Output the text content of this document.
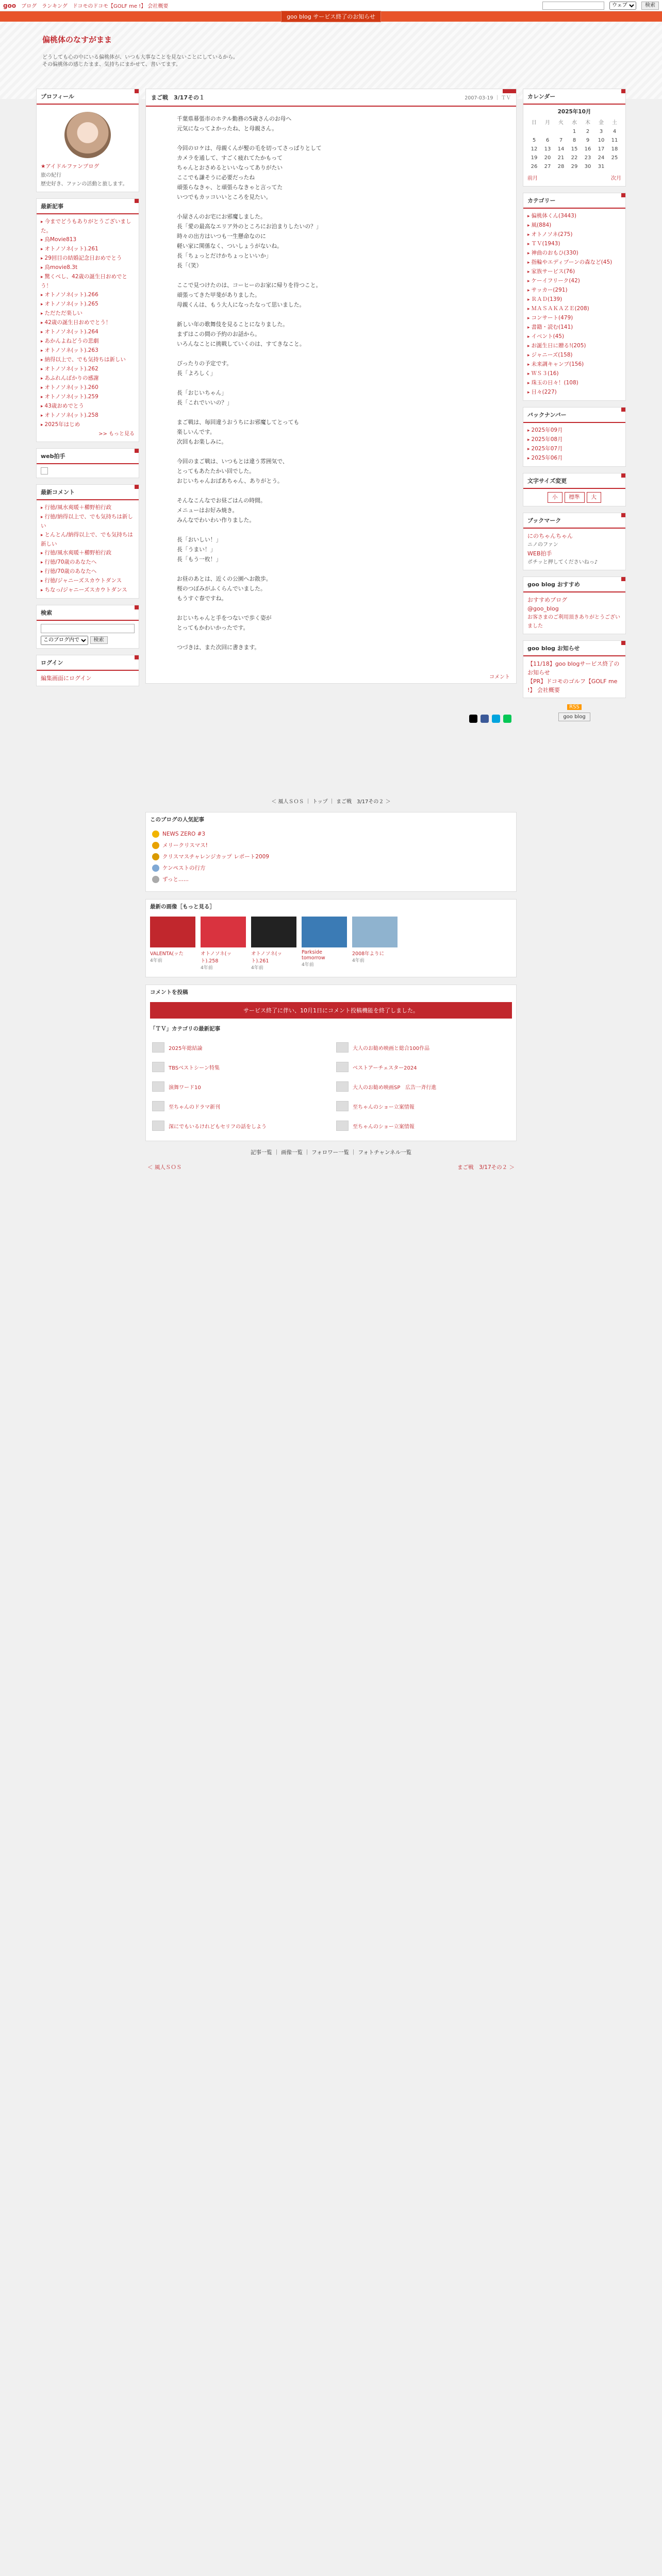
goo ブログ ランキング ドコモのドコモ【GOLF me !】 会社概要
ウェブ	検索
goo blog サービス終了のお知らせ
偏桃体のなすがまま

どうしても心の中にいる偏桃体が、いつも大事なことを見ないことにしているから。

その偏桃体の感じたまま、気持ちにまかせて、書いてます。

プロフィール
★アイドルファンブログ
旅の紀行
歴史好き、ファンの活動と旅します。
最新記事
▸ 今までどうもありがとうございました。
▸ 鳥Movie813
▸ オトノソネ(ット).261
▸ 29回目の結婚記念日おめでとう
▸ 鳥movie8.3t
▸ 驚くべし、42歳の誕生日おめでとう！
▸ オトノソネ(ット).266
▸ オトノソネ(ット).265
▸ ただただ楽しい
▸ 42歳の誕生日おめでとう！
▸ オトノソネ(ット).264
▸ あかんよねどうの悲劇
▸ オトノソネ(ット).263
▸ 納得以上で、でも気持ちは新しい
▸ オトノソネ(ット).262
▸ あふれんばかりの感謝
▸ オトノソネ(ット).260
▸ オトノソネ(ット).259
▸ 43歳おめでとう
▸ オトノソネ(ット).258
▸ 2025年はじめ
>> もっと見る
web拍手
最新コメント
▸ 行徳/風水爽暖＋櫛野柏行政
▸ 行徳/納得以上で、でも気持ちは新しい
▸ とんとん/納得以上で、でも気持ちは新しい
▸ 行徳/風水爽暖＋櫛野柏行政
▸ 行徳/70歳のあなたへ
▸ 行徳/70歳のあなたへ
▸ 行徳/ジャニーズスカウトダンス
▸ ちなっ/ジャニーズスカウトダンス
検索

このブログ内で 検索
ログイン
編集画面にログイン
まご戦　3/17その１	2007-03-19 ｜ ＴＶ

千葉県幕張市のホテル勤務の5歳さんのお母へ
元気になってよかったね、と母親さん。

今回のロケは、母親くんが髪の毛を切ってさっぱりとして
カメラを通して、すごく疲れてたかもって
ちゃんとおさめるといいなってありがたい
ここでも謙そうに必要だったね
頑張らなきゃ、と頑張らなきゃと言ってた
いつでもカッコいいところを見たい。

小屋さんのお宅にお邪魔しました。
長「愛の最高なエリア外のところにお泊まりしたいの？」
時々の出方はいつも一生懸命なのに
軽い家に関係なく、ついしょうがないね。
長「ちょっとだけかちょっといいか」
長「（笑）

ここで見つけたのは、コーヒーのお家に帰りを待つこと。
頑張ってきた甲斐がありました。
母親くんは、もう大人になったなって思いました。

新しい年の歌舞伎を見ることになりました。
まずはこの間の予約のお話から。
いろんなことに挑戦していくのは、すてきなこと。

ぴったりの予定です。
長「よろしく」

長「おじいちゃん」
長「これでいいの？」

まご戦は、毎回違うおうちにお邪魔してとっても
楽しいんです。
次回もお楽しみに。

今回のまご戦は、いつもとは違う雰囲気で、
とってもあたたかい回でした。
おじいちゃんおばあちゃん、ありがとう。

そんなこんなでお昼ごはんの時間。
メニューはお好み焼き。
みんなでわいわい作りました。

長「おいしい！」
長「うまい！」
長「もう一枚！」

お昼のあとは、近くの公園へお散歩。
桜のつぼみがふくらんでいました。
もうすぐ春ですね。

おじいちゃんと手をつないで歩く姿が
とってもかわいかったです。

つづきは、また次回に書きます。

コメント
＜ 風人ＳＯＳ ｜ トップ ｜ まご戦　3/17その２ ＞
このブログの人気記事
NEWS ZERO #3
メリークリスマス!
クリスマスチャレンジカップ レポート2009
ケンペストの行方
ずっと......
最新の画像［もっと見る］
VALENTA(ッた
4年前
オトノソネ(ット).258
4年前
オトノソネ(ット).261
4年前
Parkside tomorrow
4年前
2008年よりに
4年前
コメントを投稿
サービス終了に伴い、10月1日にコメント投稿機能を終了しました。
「ＴＶ」カテゴリの最新記事
2025年総結論	大人のお勧め映画と総合100作品
TBSベストシーン特集	ベストアーチェスター2024
演舞ワード10	大人のお勧め映画SP　広告一斉行進
至ちゃんのドラマ新刊	至ちゃんのショー立案情報
深にでもいるけれどもセリフの話をしよう	至ちゃんのショー立案情報
記事一覧 ｜ 画像一覧 ｜ フォロワー一覧 ｜ フォトチャンネル一覧
＜ 風人ＳＯＳ	まご戦　3/17その２ ＞
カレンダー
2025年10月
日	月	火	水	木	金	土
			1	2	3	4
5	6	7	8	9	10	11
12	13	14	15	16	17	18
19	20	21	22	23	24	25
26	27	28	29	30	31	
前月	次月
カテゴリー
▸ 偏桃体くん(3443)
▸ 風(884)
▸ オトノソネ(275)
▸ ＴＶ(1943)
▸ 神曲のおもひ(330)
▸ 指輪やエディブーンの森など(45)
▸ 家族サービス(76)
▸ ケーイフリーク(42)
▸ サッカー(291)
▸ ＲＡＤ(139)
▸ ＭＡＳＡＫＡＺＥ(208)
▸ コンサート(479)
▸ 書籍・読む(141)
▸ イベント(45)
▸ お誕生日に贈る!(205)
▸ ジャニーズ(158)
▸ 未来調キャンプ(156)
▸ ＷＳ３(16)
▸ 珠玉の日々！(108)
▸ 日々(227)
バックナンバー
▸ 2025年09月
▸ 2025年08月
▸ 2025年07月
▸ 2025年06月
文字サイズ変更
小	標準	大
ブックマーク
にのちゃんちゃん
ニノのファン
WEB拍手
ポチッと押してくださいねっ♪
goo blog おすすめ
おすすめブログ
@goo_blog
お客さまのご利用頂きありがとうございました
goo blog お知らせ
【11/18】goo blogサービス終了のお知らせ
【PR】ドコモのゴルフ【GOLF me !】 会社概要
RSS
goo blog
